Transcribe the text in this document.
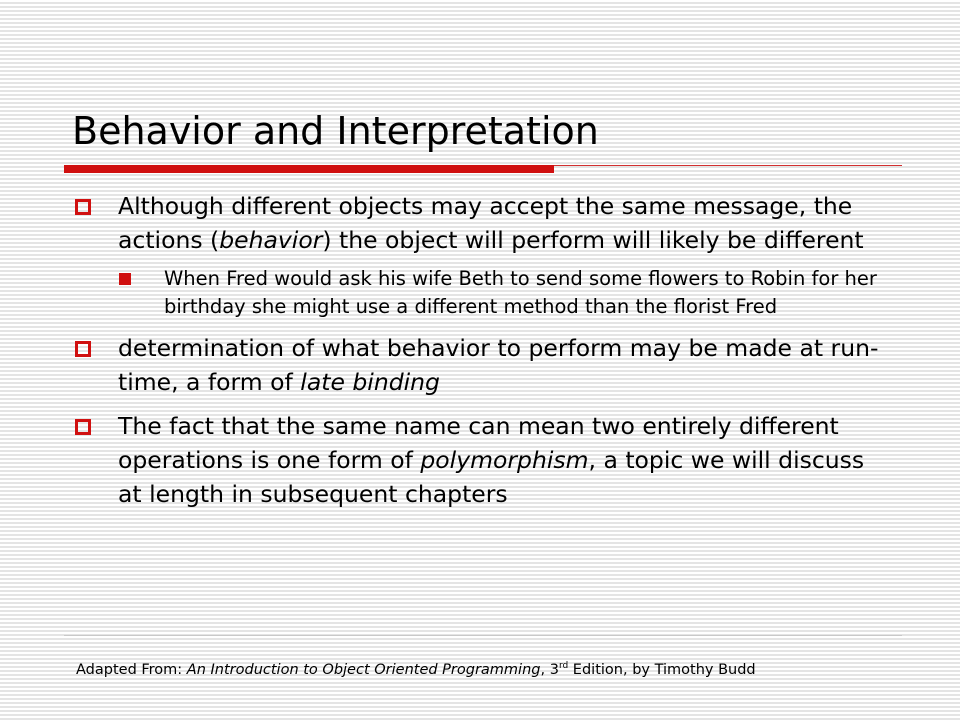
Behavior and Interpretation
Although different objects may accept the same message, the actions (behavior) the object will perform will likely be different
When Fred would ask his wife Beth to send some flowers to Robin for her birthday she might use a different method than the florist Fred
determination of what behavior to perform may be made at run-time, a form of late binding
The fact that the same name can mean two entirely different operations is one form of polymorphism, a topic we will discuss at length in subsequent chapters
Adapted From: An Introduction to Object Oriented Programming, 3rd Edition, by Timothy Budd
